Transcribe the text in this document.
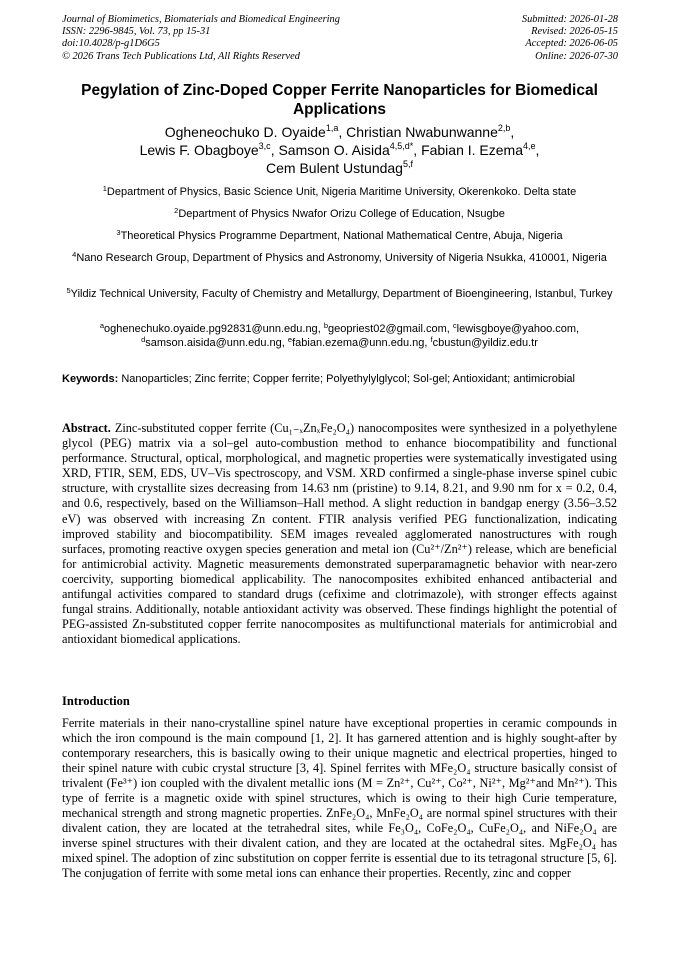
Journal of Biomimetics, Biomaterials and Biomedical Engineering
ISSN: 2296-9845, Vol. 73, pp 15-31
doi:10.4028/p-g1D6G5
© 2026 Trans Tech Publications Ltd, All Rights Reserved
Submitted: 2026-01-28
Revised: 2026-05-15
Accepted: 2026-06-05
Online: 2026-07-30
Pegylation of Zinc-Doped Copper Ferrite Nanoparticles for Biomedical Applications
Ogheneochuko D. Oyaide$^{1,a}$, Christian Nwabunwanne$^{2,b}$,
Lewis F. Obagboye$^{3,c}$, Samson O. Aisida$^{4,5,d*}$, Fabian I. Ezema$^{4,e}$,
Cem Bulent Ustundag$^{5,f}$
$^1$Department of Physics, Basic Science Unit, Nigeria Maritime University, Okerenkoko. Delta state
$^2$Department of Physics Nwafor Orizu College of Education, Nsugbe
$^3$Theoretical Physics Programme Department, National Mathematical Centre, Abuja, Nigeria
$^4$Nano Research Group, Department of Physics and Astronomy, University of Nigeria Nsukka, 410001, Nigeria
$^5$Yildiz Technical University, Faculty of Chemistry and Metallurgy, Department of Bioengineering, Istanbul, Turkey
$^a$oghenechuko.oyaide.pg92831@unn.edu.ng, $^b$geopriest02@gmail.com, $^c$lewisgboye@yahoo.com,
$^d$samson.aisida@unn.edu.ng, $^e$fabian.ezema@unn.edu.ng, $^f$cbustun@yildiz.edu.tr
Keywords: Nanoparticles; Zinc ferrite; Copper ferrite; Polyethylylglycol; Sol-gel; Antioxidant; antimicrobial
Abstract. Zinc-substituted copper ferrite (Cu₁₋ₓZnₓFe₂O₄) nanocomposites were synthesized in a polyethylene glycol (PEG) matrix via a sol–gel auto-combustion method to enhance biocompatibility and functional performance. Structural, optical, morphological, and magnetic properties were systematically investigated using XRD, FTIR, SEM, EDS, UV–Vis spectroscopy, and VSM. XRD confirmed a single-phase inverse spinel cubic structure, with crystallite sizes decreasing from 14.63 nm (pristine) to 9.14, 8.21, and 9.90 nm for x = 0.2, 0.4, and 0.6, respectively, based on the Williamson–Hall method. A slight reduction in bandgap energy (3.56–3.52 eV) was observed with increasing Zn content. FTIR analysis verified PEG functionalization, indicating improved stability and biocompatibility. SEM images revealed agglomerated nanostructures with rough surfaces, promoting reactive oxygen species generation and metal ion (Cu²⁺/Zn²⁺) release, which are beneficial for antimicrobial activity. Magnetic measurements demonstrated superparamagnetic behavior with near-zero coercivity, supporting biomedical applicability. The nanocomposites exhibited enhanced antibacterial and antifungal activities compared to standard drugs (cefixime and clotrimazole), with stronger effects against fungal strains. Additionally, notable antioxidant activity was observed. These findings highlight the potential of PEG-assisted Zn-substituted copper ferrite nanocomposites as multifunctional materials for antimicrobial and antioxidant biomedical applications.
Introduction
Ferrite materials in their nano-crystalline spinel nature have exceptional properties in ceramic compounds in which the iron compound is the main compound [1, 2]. It has garnered attention and is highly sought-after by contemporary researchers, this is basically owing to their unique magnetic and electrical properties, hinged to their spinel nature with cubic crystal structure [3, 4]. Spinel ferrites with MFe₂O₄ structure basically consist of trivalent (Fe³⁺) ion coupled with the divalent metallic ions (M = Zn²⁺, Cu²⁺, Co²⁺, Ni²⁺, Mg²⁺and Mn²⁺). This type of ferrite is a magnetic oxide with spinel structures, which is owing to their high Curie temperature, mechanical strength and strong magnetic properties. ZnFe₂O₄, MnFe₂O₄ are normal spinel structures with their divalent cation, they are located at the tetrahedral sites, while Fe₃O₄, CoFe₂O₄, CuFe₂O₄, and NiFe₂O₄ are inverse spinel structures with their divalent cation, and they are located at the octahedral sites. MgFe₂O₄ has mixed spinel. The adoption of zinc substitution on copper ferrite is essential due to its tetragonal structure [5, 6]. The conjugation of ferrite with some metal ions can enhance their properties. Recently, zinc and copper
